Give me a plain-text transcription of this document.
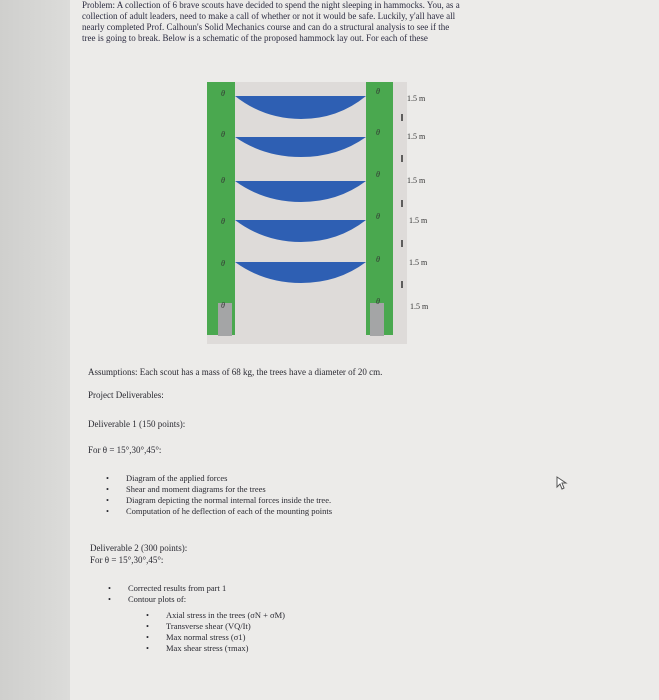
Problem: A collection of 6 brave scouts have decided to spend the night sleeping in hammocks. You, as a
collection of adult leaders, need to make a call of whether or not it would be safe. Luckily, y'all have all
nearly completed Prof. Calhoun's Solid Mechanics course and can do a structural analysis to see if the
tree is going to break. Below is a schematic of the proposed hammock lay out. For each of these
θ
θ
θ
θ
θ
θ
θ
θ
θ
θ
θ
θ
1.5 m
1.5 m
1.5 m
1.5 m
1.5 m
1.5 m
Assumptions: Each scout has a mass of 68 kg, the trees have a diameter of 20 cm.
Project Deliverables:
Deliverable 1 (150 points):
For θ = 15°,30°,45°:
• Diagram of the applied forces
• Shear and moment diagrams for the trees
• Diagram depicting the normal internal forces inside the tree.
• Computation of he deflection of each of the mounting points
Deliverable 2 (300 points):
For θ = 15°,30°,45°:
• Corrected results from part 1
• Contour plots of:
• Axial stress in the trees (σN + σM)
• Transverse shear (VQ/It)
• Max normal stress (σ1)
• Max shear stress (τmax)
